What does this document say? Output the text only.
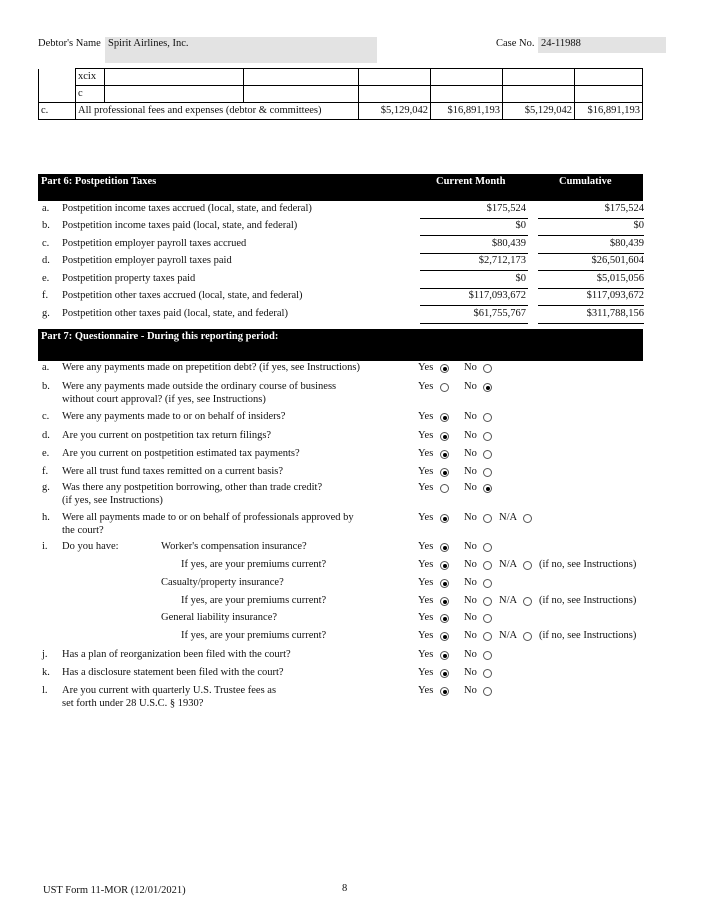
Debtor's Name Spirit Airlines, Inc.	Case No. 24-11988
	xcix						
	c						
c.	All professional fees and expenses (debtor & committees)			$5,129,042	$16,891,193	$5,129,042	$16,891,193
Part 6: Postpetition Taxes	Current Month	Cumulative
a. Postpetition income taxes accrued (local, state, and federal)	$175,524	$175,524
b. Postpetition income taxes paid (local, state, and federal)	$0	$0
c. Postpetition employer payroll taxes accrued	$80,439	$80,439
d. Postpetition employer payroll taxes paid	$2,712,173	$26,501,604
e. Postpetition property taxes paid	$0	$5,015,056
f. Postpetition other taxes accrued (local, state, and federal)	$117,093,672	$117,093,672
g. Postpetition other taxes paid (local, state, and federal)	$61,755,767	$311,788,156
Part 7: Questionnaire - During this reporting period:
a. Were any payments made on prepetition debt? (if yes, see Instructions)	Yes	No
b. Were any payments made outside the ordinary course of business
without court approval? (if yes, see Instructions)
Yes	No
c. Were any payments made to or on behalf of insiders?	Yes	No
d. Are you current on postpetition tax return filings?	Yes	No
e. Are you current on postpetition estimated tax payments?	Yes	No
f. Were all trust fund taxes remitted on a current basis?	Yes	No
g. Was there any postpetition borrowing, other than trade credit?
(if yes, see Instructions)
Yes	No
h. Were all payments made to or on behalf of professionals approved by
the court?
Yes	No N/A
i. Do you have:	Worker's compensation insurance?	Yes	No
If yes, are your premiums current?	Yes	No N/A (if no, see Instructions)
Casualty/property insurance?	Yes	No
If yes, are your premiums current?	Yes	No N/A (if no, see Instructions)
General liability insurance?	Yes	No
If yes, are your premiums current?	Yes	No N/A (if no, see Instructions)
j. Has a plan of reorganization been filed with the court?	Yes	No
k. Has a disclosure statement been filed with the court?	Yes	No
l. Are you current with quarterly U.S. Trustee fees as
set forth under 28 U.S.C. § 1930?
Yes	No
UST Form 11-MOR (12/01/2021)	8
